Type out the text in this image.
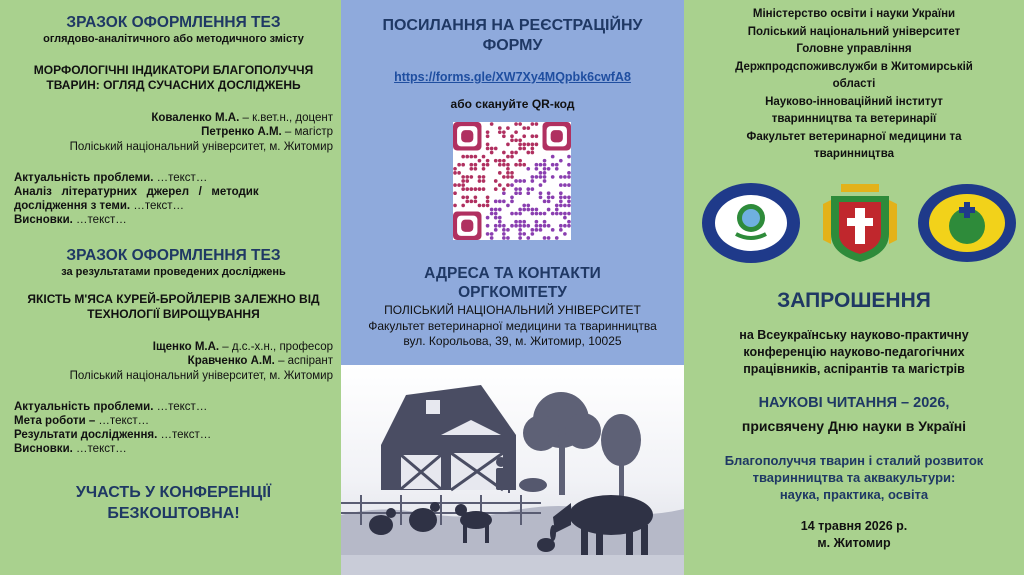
ЗРАЗОК ОФОРМЛЕННЯ ТЕЗ
оглядово-аналітичного або методичного змісту
МОРФОЛОГІЧНІ ІНДИКАТОРИ БЛАГОПОЛУЧЧЯ
ТВАРИН: ОГЛЯД СУЧАСНИХ ДОСЛІДЖЕНЬ
Коваленко М.А. – к.вет.н., доцент
Петренко А.М. – магістр
Поліський національний університет, м. Житомир
Актуальність проблеми. …текст…
Аналіз   літературних   джерел   /   методик
дослідження з теми. …текст…
Висновки. …текст…
ЗРАЗОК ОФОРМЛЕННЯ ТЕЗ
за результатами проведених досліджень
ЯКІСТЬ М'ЯСА КУРЕЙ-БРОЙЛЕРІВ ЗАЛЕЖНО ВІД
ТЕХНОЛОГІЇ ВИРОЩУВАННЯ
Іщенко М.А. – д.с.-х.н., професор
Кравченко А.М. – аспірант
Поліський національний університет, м. Житомир
Актуальність проблеми. …текст…
Мета роботи – …текст…
Результати дослідження. …текст…
Висновки. …текст…
УЧАСТЬ У КОНФЕРЕНЦІЇ
БЕЗКОШТОВНА!
ПОСИЛАННЯ НА РЕЄСТРАЦІЙНУ
ФОРМУ
https://forms.gle/XW7Xy4MQpbk6cwfA8
або скануйте QR-код
АДРЕСА ТА КОНТАКТИ
ОРГКОМІТЕТУ
ПОЛІСЬКИЙ НАЦІОНАЛЬНИЙ УНІВЕРСИТЕТ
Факультет ветеринарної медицини та тваринництва
вул. Корольова, 39, м. Житомир, 10025
Міністерство освіти і науки України
Поліський національний університет
Головне управління
Держпродспоживслужби в Житомирській
області
Науково-інноваційний інститут
тваринництва та ветеринарії
Факультет ветеринарної медицини та
тваринництва
ЗАПРОШЕННЯ
на Всеукраїнську науково-практичну
конференцію науково-педагогічних
працівників, аспірантів та магістрів
НАУКОВІ ЧИТАННЯ – 2026,
присвячену Дню науки в Україні
Благополуччя тварин і сталий розвиток
тваринництва та аквакультури:
наука, практика, освіта
14 травня 2026 р.
м. Житомир
